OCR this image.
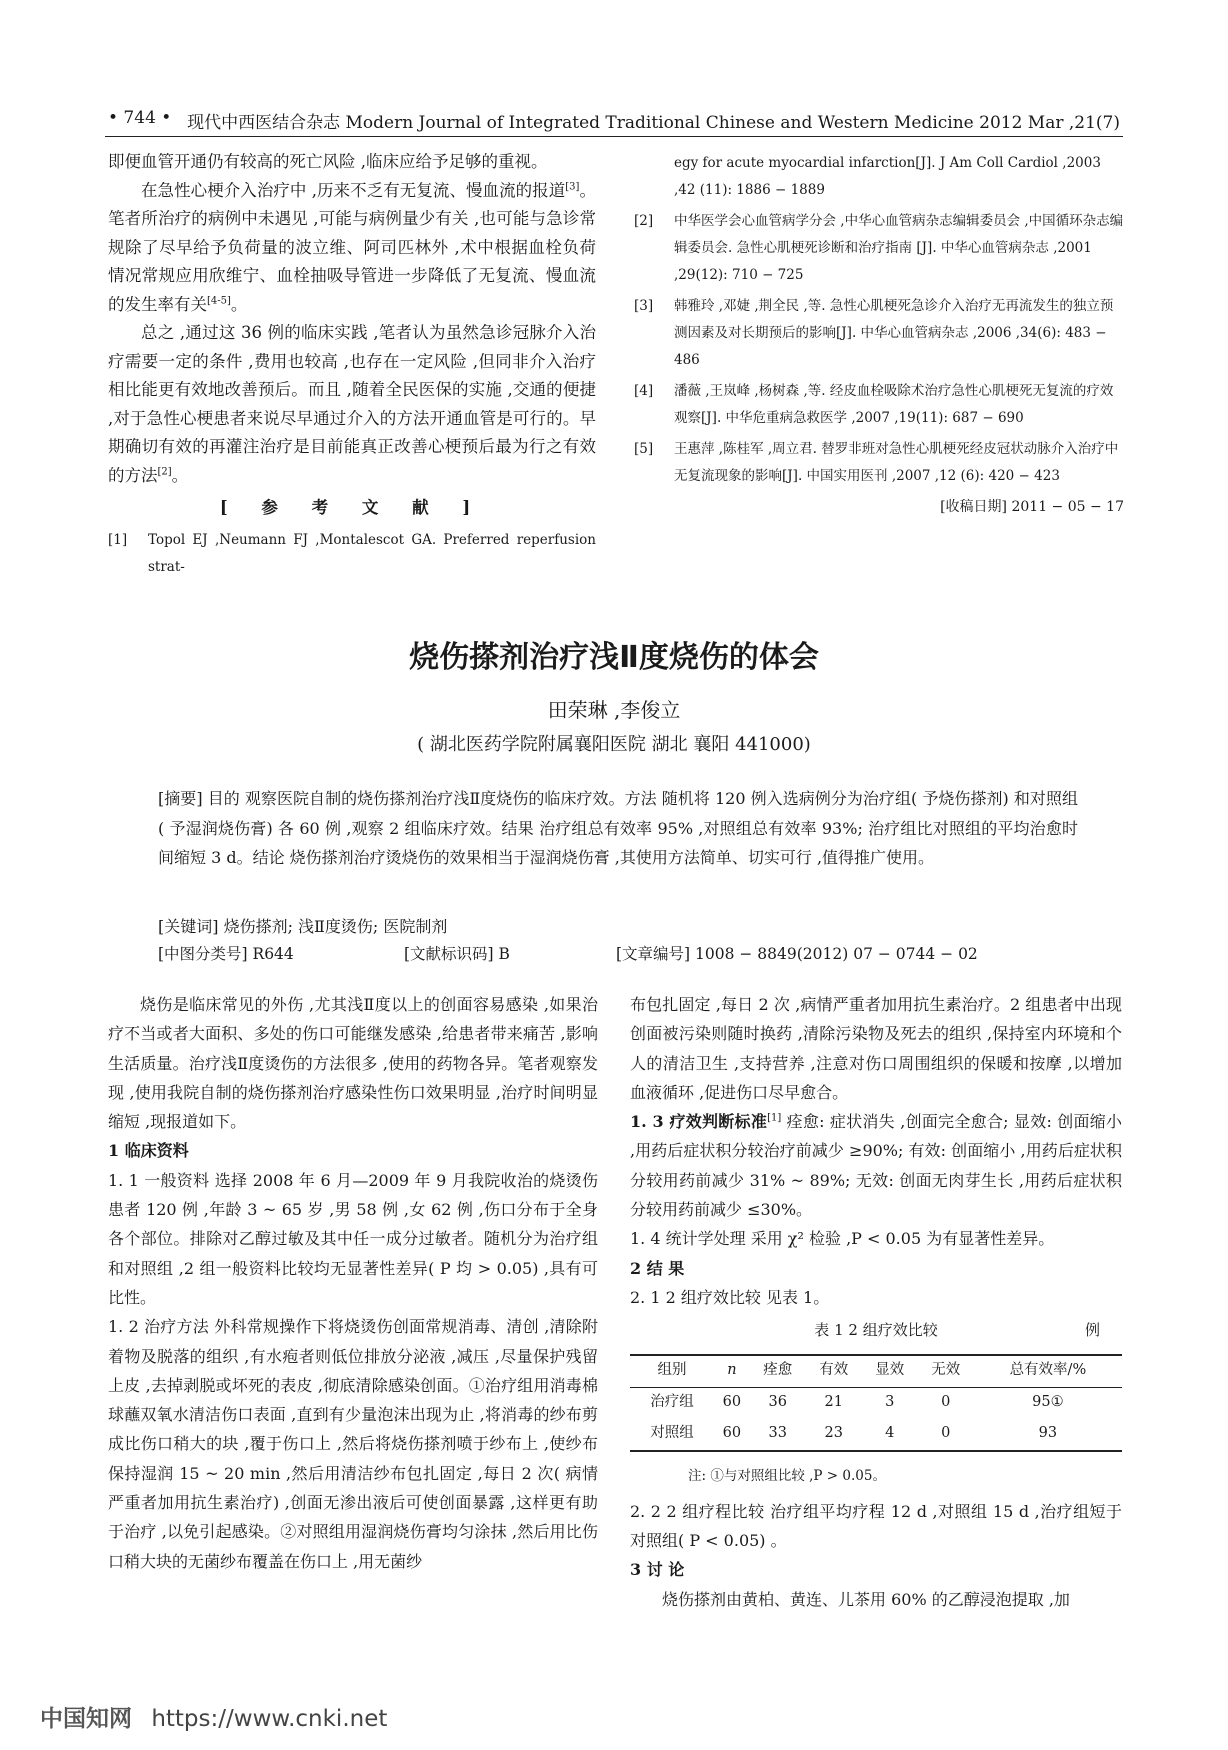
• 744 • 现代中西医结合杂志 Modern Journal of Integrated Traditional Chinese and Western Medicine 2012 Mar ,21(7)

即便血管开通仍有较高的死亡风险 ,临床应给予足够的重视。

在急性心梗介入治疗中 ,历来不乏有无复流、慢血流的报道[3]。笔者所治疗的病例中未遇见 ,可能与病例量少有关 ,也可能与急诊常规除了尽早给予负荷量的波立维、阿司匹林外 ,术中根据血栓负荷情况常规应用欣维宁、血栓抽吸导管进一步降低了无复流、慢血流的发生率有关[4-5]。

总之 ,通过这 36 例的临床实践 ,笔者认为虽然急诊冠脉介入治疗需要一定的条件 ,费用也较高 ,也存在一定风险 ,但同非介入治疗相比能更有效地改善预后。而且 ,随着全民医保的实施 ,交通的便捷 ,对于急性心梗患者来说尽早通过介入的方法开通血管是可行的。早期确切有效的再灌注治疗是目前能真正改善心梗预后最为行之有效的方法[2]。

[ 参 考 文 献 ]
[1]	Topol EJ ,Neumann FJ ,Montalescot GA. Preferred reperfusion strat-
egy for acute myocardial infarction[J]. J Am Coll Cardiol ,2003 ,42 (11): 1886 − 1889
[2]	中华医学会心血管病学分会 ,中华心血管病杂志编辑委员会 ,中国循环杂志编辑委员会. 急性心肌梗死诊断和治疗指南 [J]. 中华心血管病杂志 ,2001 ,29(12): 710 − 725
[3]	韩雅玲 ,邓婕 ,荆全民 ,等. 急性心肌梗死急诊介入治疗无再流发生的独立预测因素及对长期预后的影响[J]. 中华心血管病杂志 ,2006 ,34(6): 483 − 486
[4]	潘薇 ,王岚峰 ,杨树森 ,等. 经皮血栓吸除术治疗急性心肌梗死无复流的疗效观察[J]. 中华危重病急救医学 ,2007 ,19(11): 687 − 690
[5]	王惠萍 ,陈桂军 ,周立君. 替罗非班对急性心肌梗死经皮冠状动脉介入治疗中无复流现象的影响[J]. 中国实用医刊 ,2007 ,12 (6): 420 − 423
[收稿日期] 2011 − 05 − 17
烧伤搽剂治疗浅Ⅱ度烧伤的体会
田荣琳 ,李俊立
( 湖北医药学院附属襄阳医院 湖北 襄阳 441000)
[摘要] 目的 观察医院自制的烧伤搽剂治疗浅Ⅱ度烧伤的临床疗效。方法 随机将 120 例入选病例分为治疗组( 予烧伤搽剂) 和对照组( 予湿润烧伤膏) 各 60 例 ,观察 2 组临床疗效。结果 治疗组总有效率 95% ,对照组总有效率 93%; 治疗组比对照组的平均治愈时间缩短 3 d。结论 烧伤搽剂治疗烫烧伤的效果相当于湿润烧伤膏 ,其使用方法简单、切实可行 ,值得推广使用。
[关键词] 烧伤搽剂; 浅Ⅱ度烫伤; 医院制剂
[中图分类号] R644	[文献标识码] B	[文章编号] 1008 − 8849(2012) 07 − 0744 − 02

烧伤是临床常见的外伤 ,尤其浅Ⅱ度以上的创面容易感染 ,如果治疗不当或者大面积、多处的伤口可能继发感染 ,给患者带来痛苦 ,影响生活质量。治疗浅Ⅱ度烫伤的方法很多 ,使用的药物各异。笔者观察发现 ,使用我院自制的烧伤搽剂治疗感染性伤口效果明显 ,治疗时间明显缩短 ,现报道如下。

1 临床资料

1. 1 一般资料 选择 2008 年 6 月—2009 年 9 月我院收治的烧烫伤患者 120 例 ,年龄 3 ~ 65 岁 ,男 58 例 ,女 62 例 ,伤口分布于全身各个部位。排除对乙醇过敏及其中任一成分过敏者。随机分为治疗组和对照组 ,2 组一般资料比较均无显著性差异( P 均 > 0.05) ,具有可比性。

1. 2 治疗方法 外科常规操作下将烧烫伤创面常规消毒、清创 ,清除附着物及脱落的组织 ,有水疱者则低位排放分泌液 ,减压 ,尽量保护残留上皮 ,去掉剥脱或坏死的表皮 ,彻底清除感染创面。①治疗组用消毒棉球蘸双氧水清洁伤口表面 ,直到有少量泡沫出现为止 ,将消毒的纱布剪成比伤口稍大的块 ,覆于伤口上 ,然后将烧伤搽剂喷于纱布上 ,使纱布保持湿润 15 ~ 20 min ,然后用清洁纱布包扎固定 ,每日 2 次( 病情严重者加用抗生素治疗) ,创面无渗出液后可使创面暴露 ,这样更有助于治疗 ,以免引起感染。②对照组用湿润烧伤膏均匀涂抹 ,然后用比伤口稍大块的无菌纱布覆盖在伤口上 ,用无菌纱

布包扎固定 ,每日 2 次 ,病情严重者加用抗生素治疗。2 组患者中出现创面被污染则随时换药 ,清除污染物及死去的组织 ,保持室内环境和个人的清洁卫生 ,支持营养 ,注意对伤口周围组织的保暖和按摩 ,以增加血液循环 ,促进伤口尽早愈合。

1. 3 疗效判断标准[1] 痊愈: 症状消失 ,创面完全愈合; 显效: 创面缩小 ,用药后症状积分较治疗前减少 ≥90%; 有效: 创面缩小 ,用药后症状积分较用药前减少 31% ~ 89%; 无效: 创面无肉芽生长 ,用药后症状积分较用药前减少 ≤30%。

1. 4 统计学处理 采用 χ² 检验 ,P < 0.05 为有显著性差异。

2 结 果

2. 1 2 组疗效比较 见表 1。

表 1 2 组疗效比较	例
组别	n	痊愈	有效	显效	无效	总有效率/%
治疗组	60	36	21	3	0	95①
对照组	60	33	23	4	0	93
注: ①与对照组比较 ,P > 0.05。

2. 2 2 组疗程比较 治疗组平均疗程 12 d ,对照组 15 d ,治疗组短于对照组( P < 0.05) 。

3 讨 论

烧伤搽剂由黄柏、黄连、儿茶用 60% 的乙醇浸泡提取 ,加

中国知网 https://www.cnki.net
